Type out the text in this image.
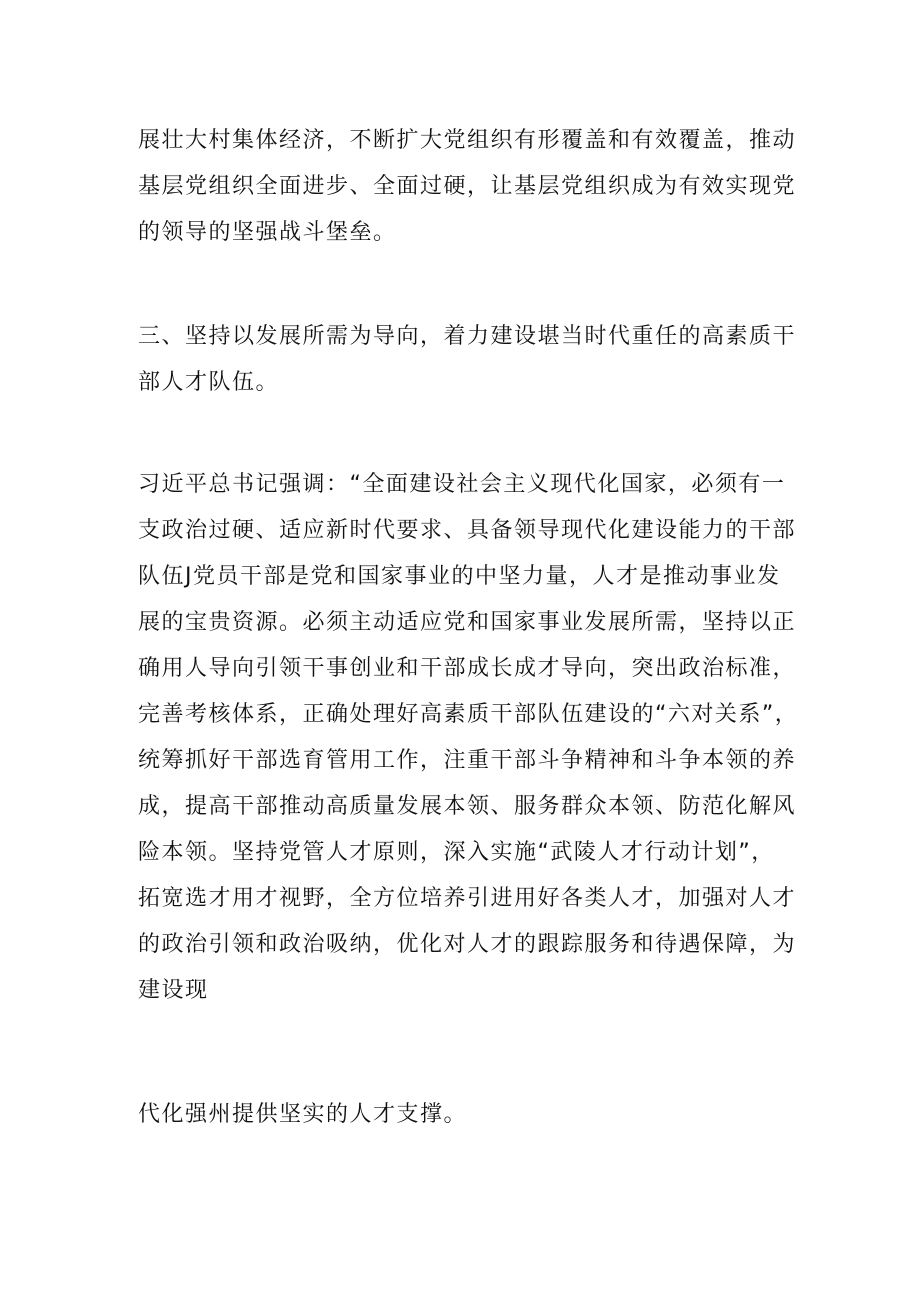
展壮大村集体经济，不断扩大党组织有形覆盖和有效覆盖，推动
基层党组织全面进步、全面过硬，让基层党组织成为有效实现党
的领导的坚强战斗堡垒。
三、坚持以发展所需为导向，着力建设堪当时代重任的高素质干
部人才队伍。
习近平总书记强调：“全面建设社会主义现代化国家，必须有一
支政治过硬、适应新时代要求、具备领导现代化建设能力的干部
队伍J党员干部是党和国家事业的中坚力量，人才是推动事业发
展的宝贵资源。必须主动适应党和国家事业发展所需，坚持以正
确用人导向引领干事创业和干部成长成才导向，突出政治标准，
完善考核体系，正确处理好高素质干部队伍建设的“六对关系”，
统筹抓好干部选育管用工作，注重干部斗争精神和斗争本领的养
成，提高干部推动高质量发展本领、服务群众本领、防范化解风
险本领。坚持党管人才原则，深入实施“武陵人才行动计划”，
拓宽选才用才视野，全方位培养引进用好各类人才，加强对人才
的政治引领和政治吸纳，优化对人才的跟踪服务和待遇保障，为
建设现
代化强州提供坚实的人才支撑。
